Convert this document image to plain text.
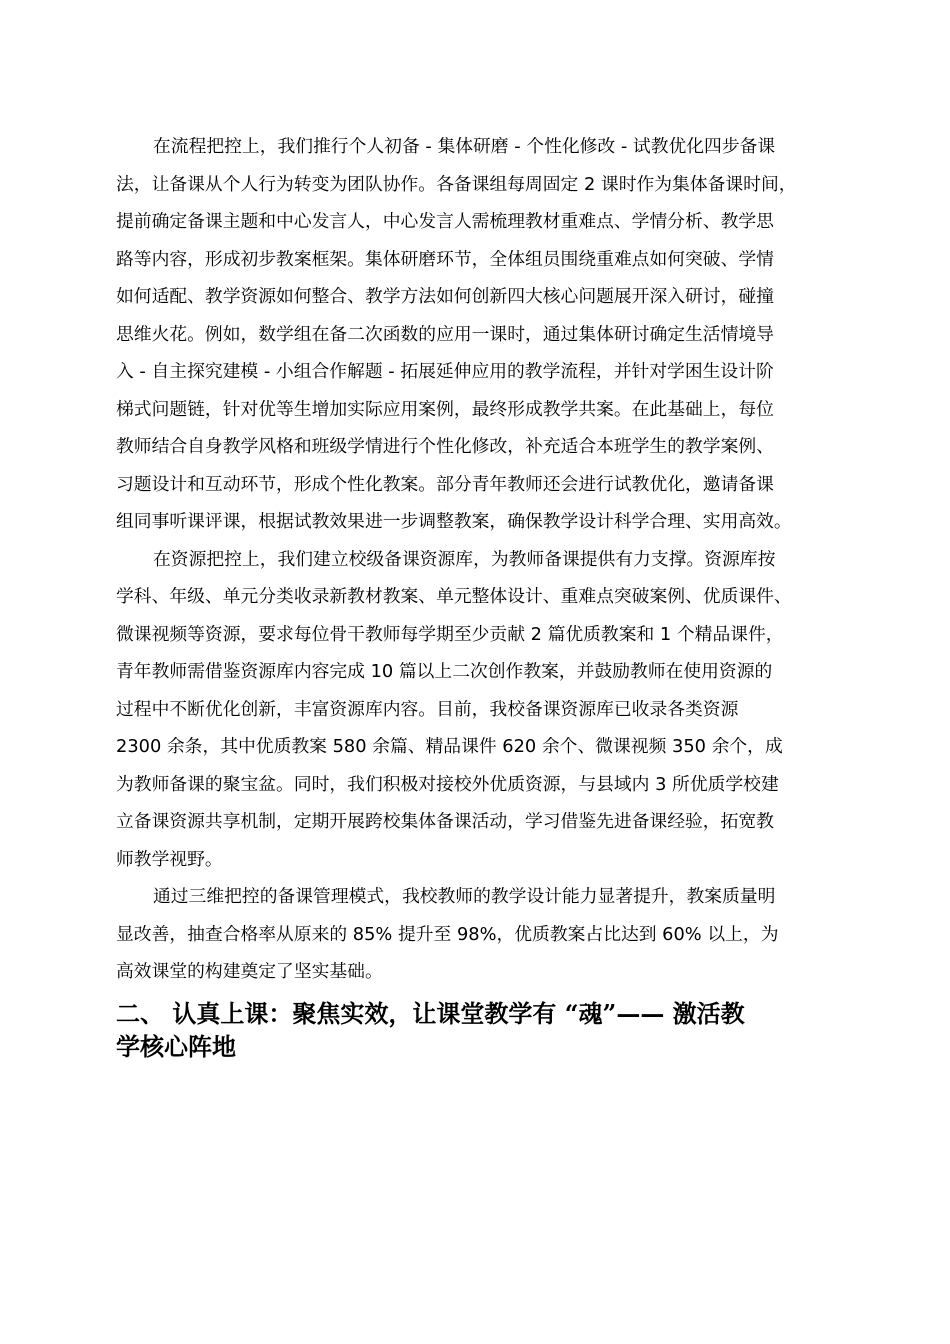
在流程把控上，我们推行个人初备 - 集体研磨 - 个性化修改 - 试教优化四步备课
法，让备课从个人行为转变为团队协作。各备课组每周固定 2 课时作为集体备课时间，
提前确定备课主题和中心发言人，中心发言人需梳理教材重难点、学情分析、教学思
路等内容，形成初步教案框架。集体研磨环节，全体组员围绕重难点如何突破、学情
如何适配、教学资源如何整合、教学方法如何创新四大核心问题展开深入研讨，碰撞
思维火花。例如，数学组在备二次函数的应用一课时，通过集体研讨确定生活情境导
入 - 自主探究建模 - 小组合作解题 - 拓展延伸应用的教学流程，并针对学困生设计阶
梯式问题链，针对优等生增加实际应用案例，最终形成教学共案。在此基础上，每位
教师结合自身教学风格和班级学情进行个性化修改，补充适合本班学生的教学案例、
习题设计和互动环节，形成个性化教案。部分青年教师还会进行试教优化，邀请备课
组同事听课评课，根据试教效果进一步调整教案，确保教学设计科学合理、实用高效。

在资源把控上，我们建立校级备课资源库，为教师备课提供有力支撑。资源库按
学科、年级、单元分类收录新教材教案、单元整体设计、重难点突破案例、优质课件、
微课视频等资源，要求每位骨干教师每学期至少贡献 2 篇优质教案和 1 个精品课件，
青年教师需借鉴资源库内容完成 10 篇以上二次创作教案，并鼓励教师在使用资源的
过程中不断优化创新，丰富资源库内容。目前，我校备课资源库已收录各类资源
2300 余条，其中优质教案 580 余篇、精品课件 620 余个、微课视频 350 余个，成
为教师备课的聚宝盆。同时，我们积极对接校外优质资源，与县域内 3 所优质学校建
立备课资源共享机制，定期开展跨校集体备课活动，学习借鉴先进备课经验，拓宽教
师教学视野。

通过三维把控的备课管理模式，我校教师的教学设计能力显著提升，教案质量明
显改善，抽查合格率从原来的 85% 提升至 98%，优质教案占比达到 60% 以上，为
高效课堂的构建奠定了坚实基础。

二、 认真上课：聚焦实效，让课堂教学有 “魂”—— 激活教
学核心阵地
